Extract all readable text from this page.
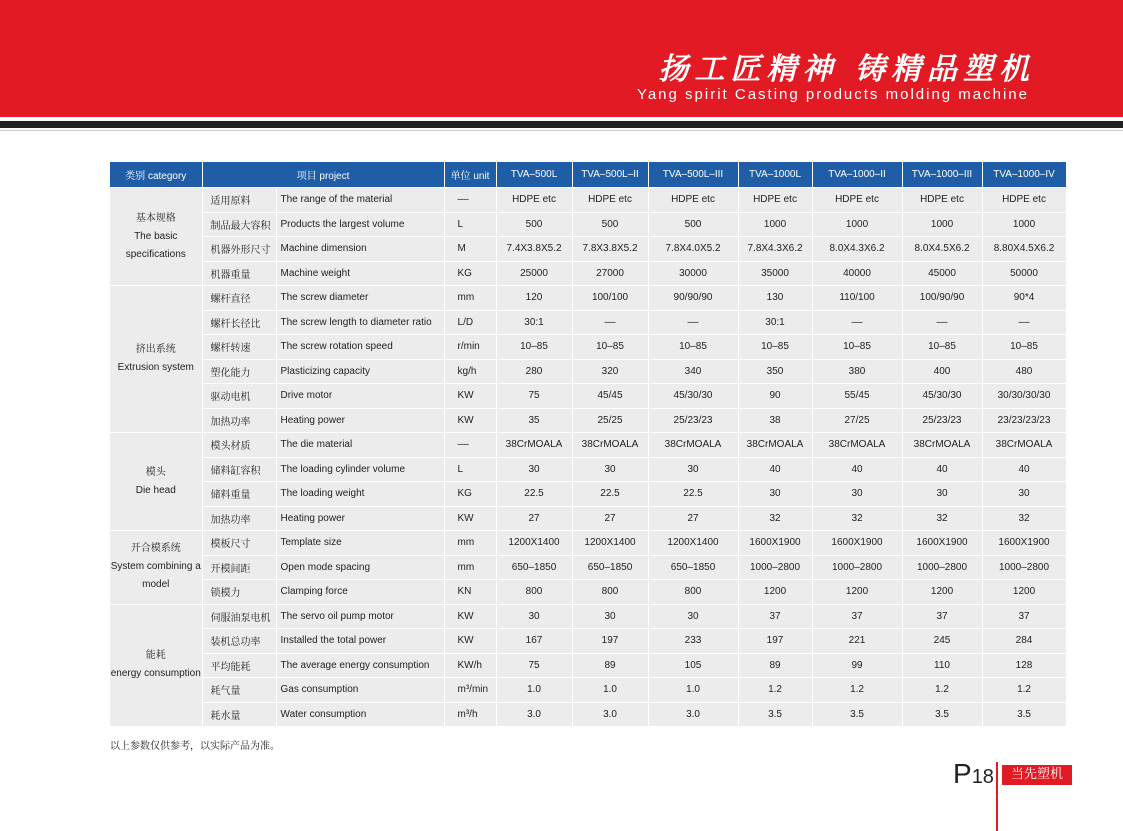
扬工匠精神 铸精品塑机
Yang spirit Casting products molding machine
类别 category	项目 project		单位 unit	TVA–500L	TVA–500L–II	TVA–500L–III	TVA–1000L	TVA–1000–II	TVA–1000–III	TVA–1000–IV

基本规格
The basic specifications	适用原料	The range of the material	––	HDPE etc	HDPE etc	HDPE etc	HDPE etc	HDPE etc	HDPE etc	HDPE etc
	制品最大容积	Products the largest volume	L	500	500	500	1000	1000	1000	1000
	机器外形尺寸	Machine dimension	M	7.4X3.8X5.2	7.8X3.8X5.2	7.8X4.0X5.2	7.8X4.3X6.2	8.0X4.3X6.2	8.0X4.5X6.2	8.80X4.5X6.2
	机器重量	Machine weight	KG	25000	27000	30000	35000	40000	45000	50000

挤出系统
Extrusion system	螺杆直径	The screw diameter	mm	120	100/100	90/90/90	130	110/100	100/90/90	90*4
	螺杆长径比	The screw length to diameter ratio	L/D	30:1	––	––	30:1	––	––	––
	螺杆转速	The screw rotation speed	r/min	10–85	10–85	10–85	10–85	10–85	10–85	10–85
	塑化能力	Plasticizing capacity	kg/h	280	320	340	350	380	400	480
	驱动电机	Drive motor	KW	75	45/45	45/30/30	90	55/45	45/30/30	30/30/30/30
	加热功率	Heating power	KW	35	25/25	25/23/23	38	27/25	25/23/23	23/23/23/23

模头
Die head	模头材质	The die material	––	38CrMOALA	38CrMOALA	38CrMOALA	38CrMOALA	38CrMOALA	38CrMOALA	38CrMOALA
	储料缸容积	The loading cylinder volume	L	30	30	30	40	40	40	40
	储料重量	The loading weight	KG	22.5	22.5	22.5	30	30	30	30
	加热功率	Heating power	KW	27	27	27	32	32	32	32

开合模系统
System combining a model	模板尺寸	Template size	mm	1200X1400	1200X1400	1200X1400	1600X1900	1600X1900	1600X1900	1600X1900
	开模间距	Open mode spacing	mm	650–1850	650–1850	650–1850	1000–2800	1000–2800	1000–2800	1000–2800
	锁模力	Clamping force	KN	800	800	800	1200	1200	1200	1200

能耗
energy consumption	伺服油泵电机	The servo oil pump motor	KW	30	30	30	37	37	37	37
	装机总功率	Installed the total power	KW	167	197	233	197	221	245	284
	平均能耗	The average energy consumption	KW/h	75	89	105	89	99	110	128
	耗气量	Gas consumption	m³/min	1.0	1.0	1.0	1.2	1.2	1.2	1.2
	耗水量	Water consumption	m³/h	3.0	3.0	3.0	3.5	3.5	3.5	3.5
以上参数仅供参考，以实际产品为准。
P18	当先塑机
